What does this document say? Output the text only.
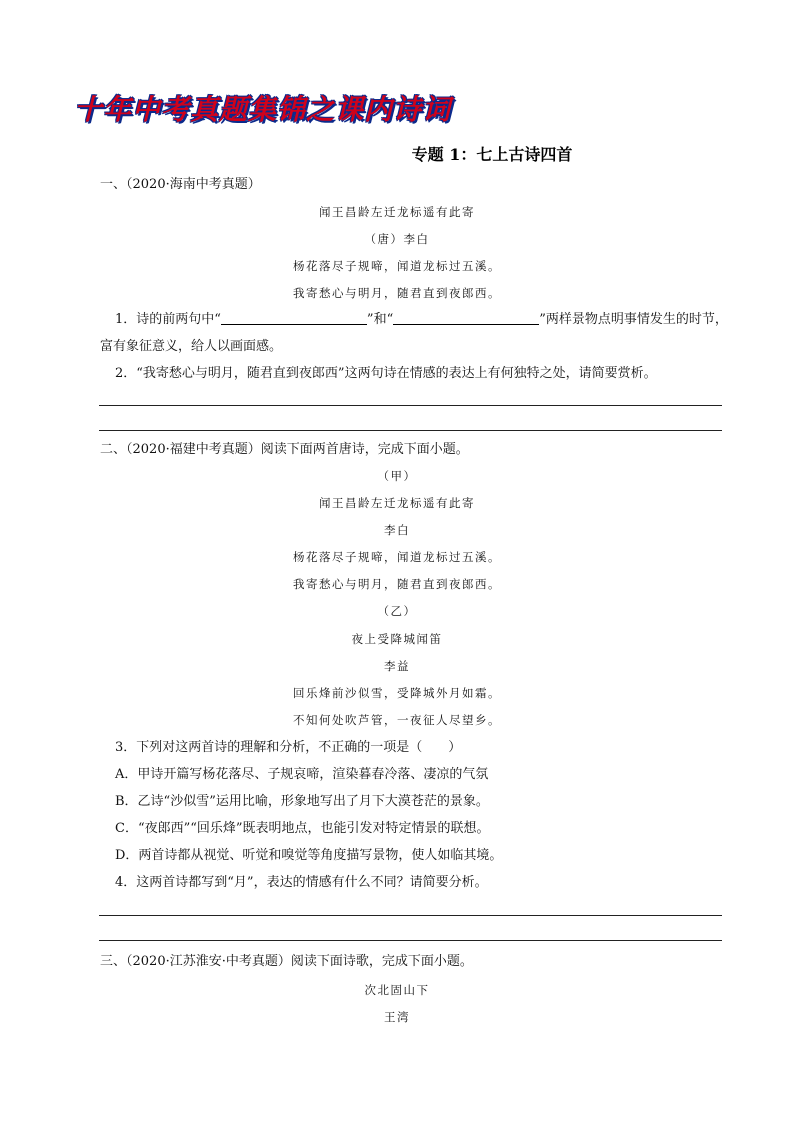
十年中考真题集锦之课内诗词
专题 1：七上古诗四首
一、（2020·海南中考真题）
闻王昌龄左迁龙标遥有此寄
（唐）李白
杨花落尽子规啼，闻道龙标过五溪。
我寄愁心与明月，随君直到夜郎西。
1．诗的前两句中“	”和“	”两样景物点明事情发生的时节，
富有象征意义，给人以画面感。
2．“我寄愁心与明月，随君直到夜郎西”这两句诗在情感的表达上有何独特之处，请简要赏析。
二、（2020·福建中考真题）阅读下面两首唐诗，完成下面小题。
（甲）
闻王昌龄左迁龙标遥有此寄
李白
杨花落尽子规啼，闻道龙标过五溪。
我寄愁心与明月，随君直到夜郎西。
（乙）
夜上受降城闻笛
李益
回乐烽前沙似雪，受降城外月如霜。
不知何处吹芦管，一夜征人尽望乡。
3．下列对这两首诗的理解和分析，不正确的一项是（　　）
A．甲诗开篇写杨花落尽、子规哀啼，渲染暮春冷落、凄凉的气氛
B．乙诗“沙似雪”运用比喻，形象地写出了月下大漠苍茫的景象。
C．“夜郎西”“回乐烽”既表明地点，也能引发对特定情景的联想。
D．两首诗都从视觉、听觉和嗅觉等角度描写景物，使人如临其境。
4．这两首诗都写到“月”，表达的情感有什么不同？请简要分析。
三、（2020·江苏淮安·中考真题）阅读下面诗歌，完成下面小题。
次北固山下
王湾
